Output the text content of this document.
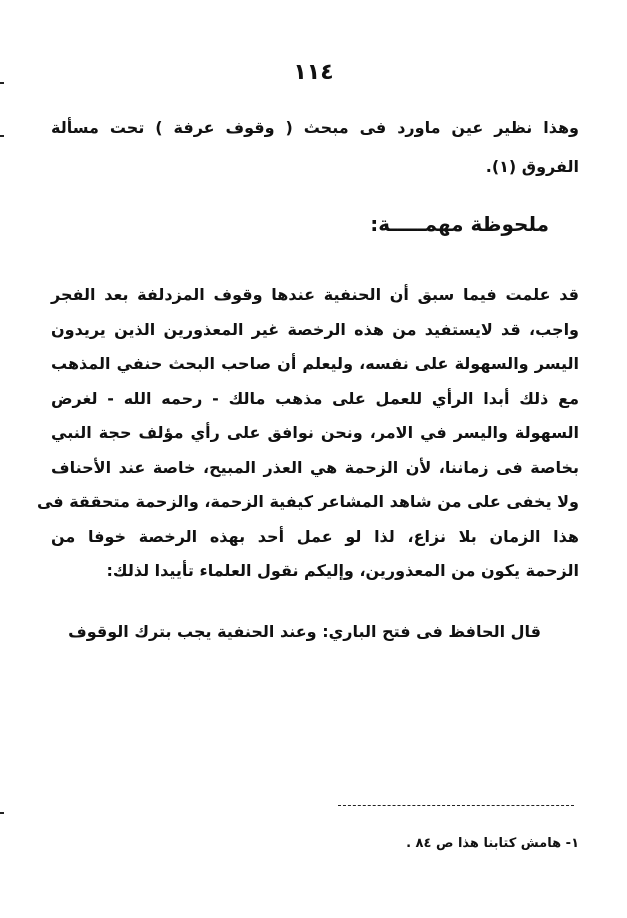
١١٤
وهذا نظير عين ماورد فى مبحث ( وقوف عرفة ) تحت مسألة
الفروق (١).
ملحوظة مهمـــــة:
قد علمت فيما سبق أن الحنفية عندها وقوف المزدلفة بعد الفجر
واجب، قد لايستفيد من هذه الرخصة غير المعذورين الذين يريدون
اليسر والسهولة على نفسه، وليعلم أن صاحب البحث حنفي المذهب
مع ذلك أبدا الرأي للعمل على مذهب مالك - رحمه الله - لغرض
السهولة واليسر في الامر، ونحن نوافق على رأي مؤلف حجة النبي
بخاصة فى زماننا، لأن الزحمة هي العذر المبيح، خاصة عند الأحناف
ولا يخفى على من شاهد المشاعر كيفية الزحمة، والزحمة متحققة فى
هذا الزمان بلا نزاع، لذا لو عمل أحد بهذه الرخصة خوفا من
الزحمة يكون من المعذورين، وإليكم نقول العلماء تأييدا لذلك:
قال الحافظ فى فتح الباري: وعند الحنفية يجب بترك الوقوف
١- هامش كتابنا هذا ص ٨٤ .
